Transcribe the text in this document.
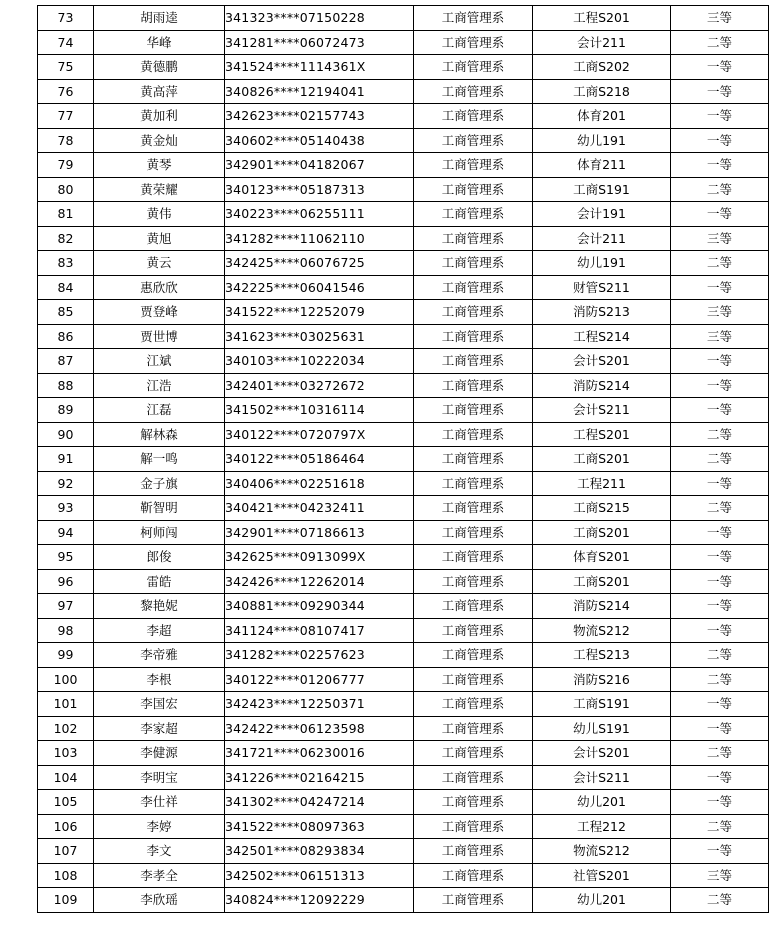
73	胡雨逵	341323****07150228	工商管理系	工程S201	三等
74	华峰	341281****06072473	工商管理系	会计211	二等
75	黄德鹏	341524****1114361X	工商管理系	工商S202	一等
76	黄高萍	340826****12194041	工商管理系	工商S218	一等
77	黄加利	342623****02157743	工商管理系	体育201	一等
78	黄金灿	340602****05140438	工商管理系	幼儿191	一等
79	黄琴	342901****04182067	工商管理系	体育211	一等
80	黄荣耀	340123****05187313	工商管理系	工商S191	二等
81	黄伟	340223****06255111	工商管理系	会计191	一等
82	黄旭	341282****11062110	工商管理系	会计211	三等
83	黄云	342425****06076725	工商管理系	幼儿191	二等
84	惠欣欣	342225****06041546	工商管理系	财管S211	一等
85	贾登峰	341522****12252079	工商管理系	消防S213	三等
86	贾世博	341623****03025631	工商管理系	工程S214	三等
87	江斌	340103****10222034	工商管理系	会计S201	一等
88	江浩	342401****03272672	工商管理系	消防S214	一等
89	江磊	341502****10316114	工商管理系	会计S211	一等
90	解林森	340122****0720797X	工商管理系	工程S201	二等
91	解一鸣	340122****05186464	工商管理系	工商S201	二等
92	金子旗	340406****02251618	工商管理系	工程211	一等
93	靳智明	340421****04232411	工商管理系	工商S215	二等
94	柯师闯	342901****07186613	工商管理系	工商S201	一等
95	郎俊	342625****0913099X	工商管理系	体育S201	一等
96	雷皓	342426****12262014	工商管理系	工商S201	一等
97	黎艳妮	340881****09290344	工商管理系	消防S214	一等
98	李超	341124****08107417	工商管理系	物流S212	一等
99	李帝雅	341282****02257623	工商管理系	工程S213	二等
100	李根	340122****01206777	工商管理系	消防S216	二等
101	李国宏	342423****12250371	工商管理系	工商S191	一等
102	李家超	342422****06123598	工商管理系	幼儿S191	一等
103	李健源	341721****06230016	工商管理系	会计S201	二等
104	李明宝	341226****02164215	工商管理系	会计S211	一等
105	李仕祥	341302****04247214	工商管理系	幼儿201	一等
106	李婷	341522****08097363	工商管理系	工程212	二等
107	李文	342501****08293834	工商管理系	物流S212	一等
108	李孝全	342502****06151313	工商管理系	社管S201	三等
109	李欣瑶	340824****12092229	工商管理系	幼儿201	二等
